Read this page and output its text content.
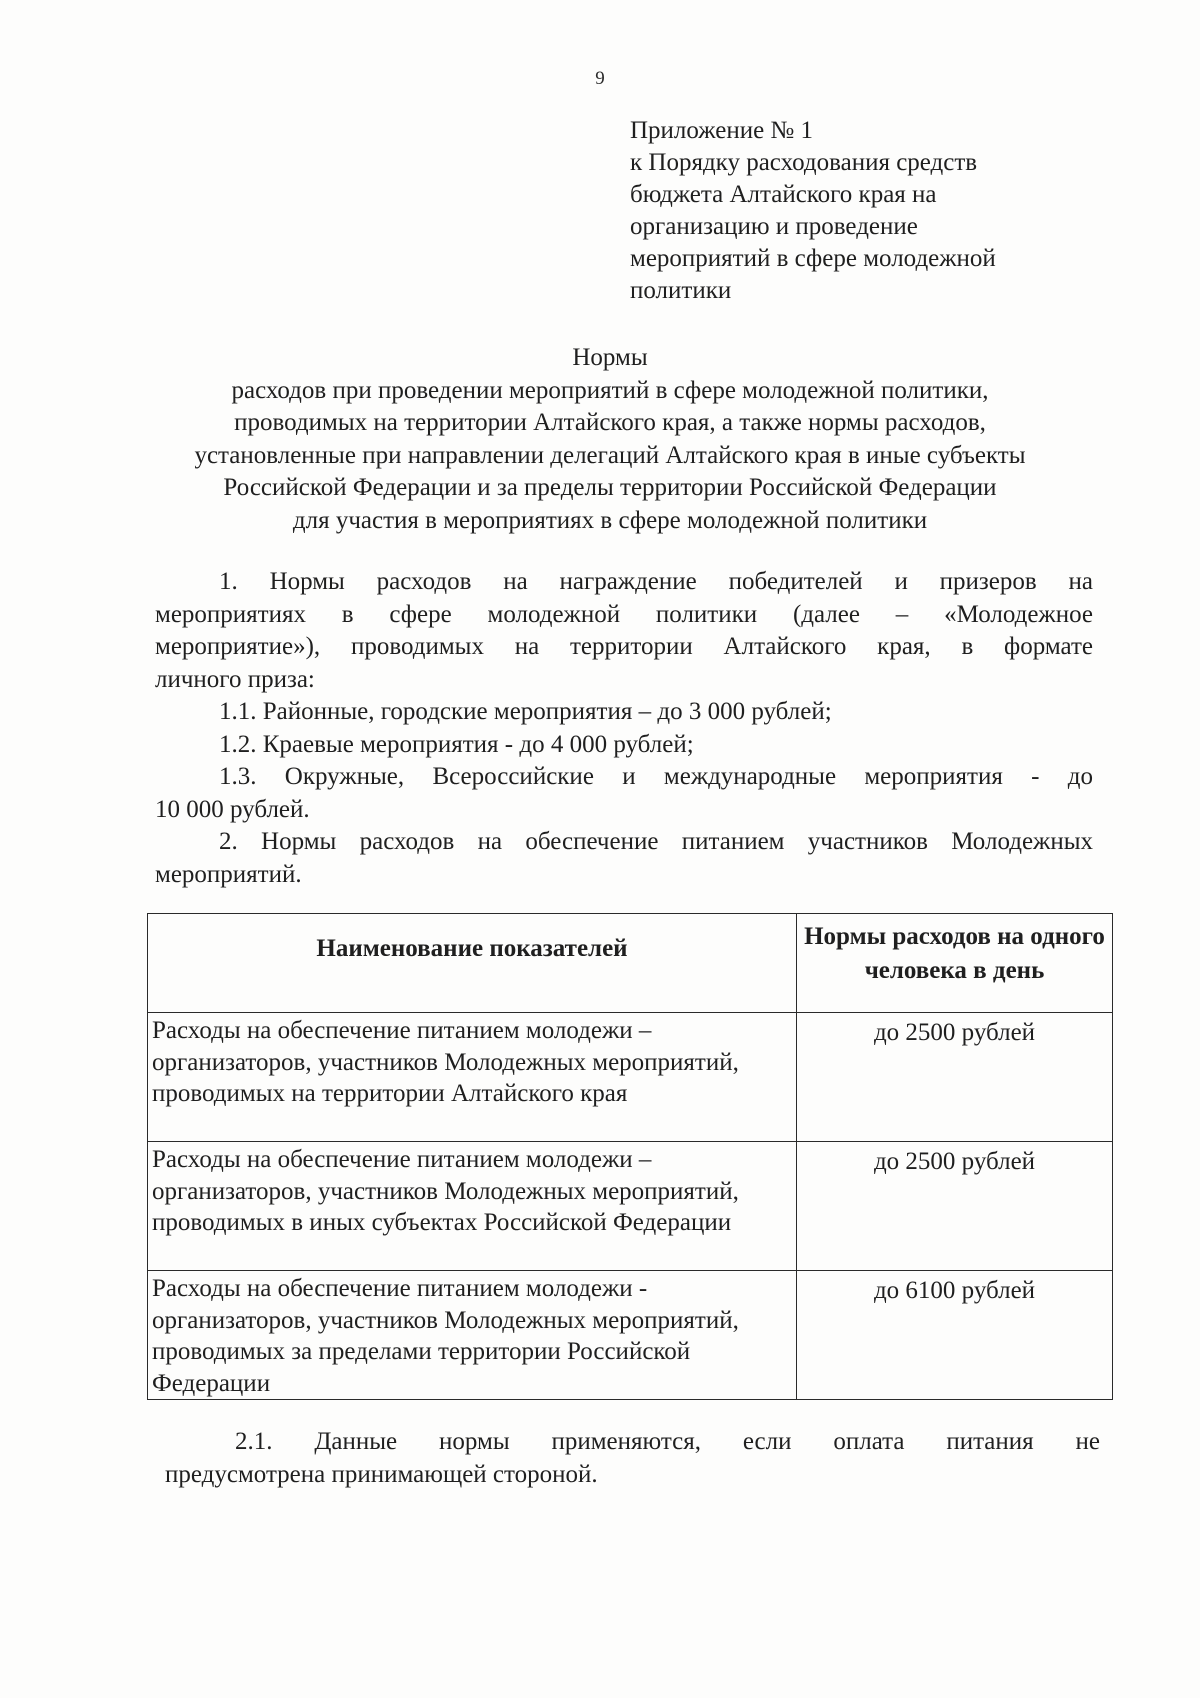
9
Приложение № 1
к Порядку расходования средств
бюджета Алтайского края на
организацию и проведение
мероприятий в сфере молодежной
политики
Нормы
расходов при проведении мероприятий в сфере молодежной политики,
проводимых на территории Алтайского края, а также нормы расходов,
установленные при направлении делегаций Алтайского края в иные субъекты
Российской Федерации и за пределы территории Российской Федерации
для участия в мероприятиях в сфере молодежной политики
1. Нормы расходов на награждение победителей и призеров на
мероприятиях в сфере молодежной политики (далее – «Молодежное
мероприятие»), проводимых на территории Алтайского края, в формате
личного приза:
1.1. Районные, городские мероприятия – до 3 000 рублей;
1.2. Краевые мероприятия - до 4 000 рублей;
1.3. Окружные, Всероссийские и международные мероприятия - до
10 000 рублей.
2. Нормы расходов на обеспечение питанием участников Молодежных
мероприятий.
Наименование показателей	Нормы расходов на одного человека в день
Расходы на обеспечение питанием молодежи – организаторов, участников Молодежных мероприятий, проводимых на территории Алтайского края	до 2500 рублей
Расходы на обеспечение питанием молодежи – организаторов, участников Молодежных мероприятий, проводимых в иных субъектах Российской Федерации	до 2500 рублей
Расходы на обеспечение питанием молодежи - организаторов, участников Молодежных мероприятий, проводимых за пределами территории Российской Федерации	до 6100 рублей
2.1. Данные нормы применяются, если оплата питания не
предусмотрена принимающей стороной.
